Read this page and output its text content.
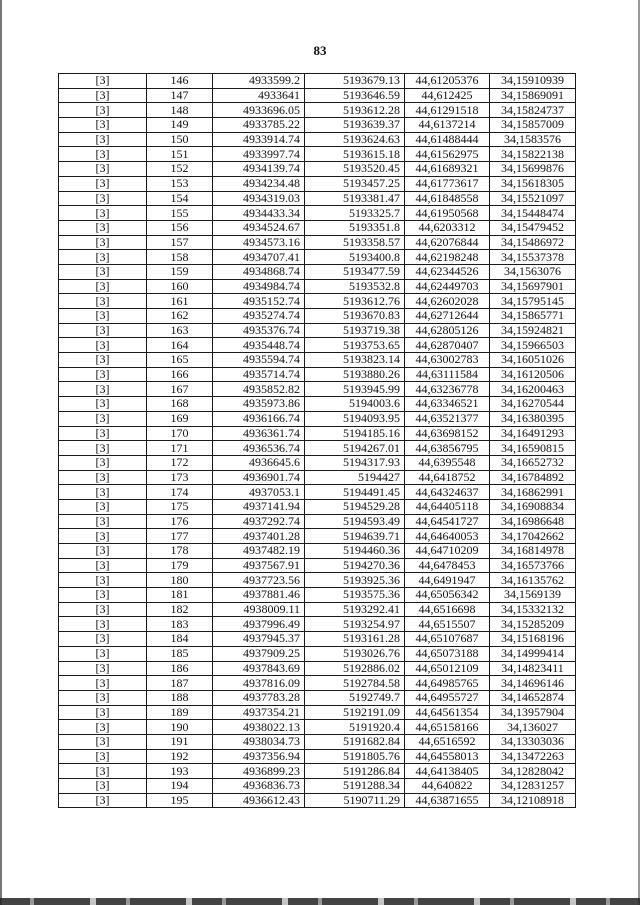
83
[3]	146	4933599.2	5193679.13	44,61205376	34,15910939
[3]	147	4933641	5193646.59	44,612425	34,15869091
[3]	148	4933696.05	5193612.28	44,61291518	34,15824737
[3]	149	4933785.22	5193639.37	44,6137214	34,15857009
[3]	150	4933914.74	5193624.63	44,61488444	34,1583576
[3]	151	4933997.74	5193615.18	44,61562975	34,15822138
[3]	152	4934139.74	5193520.45	44,61689321	34,15699876
[3]	153	4934234.48	5193457.25	44,61773617	34,15618305
[3]	154	4934319.03	5193381.47	44,61848558	34,15521097
[3]	155	4934433.34	5193325.7	44,61950568	34,15448474
[3]	156	4934524.67	5193351.8	44,6203312	34,15479452
[3]	157	4934573.16	5193358.57	44,62076844	34,15486972
[3]	158	4934707.41	5193400.8	44,62198248	34,15537378
[3]	159	4934868.74	5193477.59	44,62344526	34,1563076
[3]	160	4934984.74	5193532.8	44,62449703	34,15697901
[3]	161	4935152.74	5193612.76	44,62602028	34,15795145
[3]	162	4935274.74	5193670.83	44,62712644	34,15865771
[3]	163	4935376.74	5193719.38	44,62805126	34,15924821
[3]	164	4935448.74	5193753.65	44,62870407	34,15966503
[3]	165	4935594.74	5193823.14	44,63002783	34,16051026
[3]	166	4935714.74	5193880.26	44,63111584	34,16120506
[3]	167	4935852.82	5193945.99	44,63236778	34,16200463
[3]	168	4935973.86	5194003.6	44,63346521	34,16270544
[3]	169	4936166.74	5194093.95	44,63521377	34,16380395
[3]	170	4936361.74	5194185.16	44,63698152	34,16491293
[3]	171	4936536.74	5194267.01	44,63856795	34,16590815
[3]	172	4936645.6	5194317.93	44,6395548	34,16652732
[3]	173	4936901.74	5194427	44,6418752	34,16784892
[3]	174	4937053.1	5194491.45	44,64324637	34,16862991
[3]	175	4937141.94	5194529.28	44,64405118	34,16908834
[3]	176	4937292.74	5194593.49	44,64541727	34,16986648
[3]	177	4937401.28	5194639.71	44,64640053	34,17042662
[3]	178	4937482.19	5194460.36	44,64710209	34,16814978
[3]	179	4937567.91	5194270.36	44,6478453	34,16573766
[3]	180	4937723.56	5193925.36	44,6491947	34,16135762
[3]	181	4937881.46	5193575.36	44,65056342	34,1569139
[3]	182	4938009.11	5193292.41	44,6516698	34,15332132
[3]	183	4937996.49	5193254.97	44,6515507	34,15285209
[3]	184	4937945.37	5193161.28	44,65107687	34,15168196
[3]	185	4937909.25	5193026.76	44,65073188	34,14999414
[3]	186	4937843.69	5192886.02	44,65012109	34,14823411
[3]	187	4937816.09	5192784.58	44,64985765	34,14696146
[3]	188	4937783.28	5192749.7	44,64955727	34,14652874
[3]	189	4937354.21	5192191.09	44,64561354	34,13957904
[3]	190	4938022.13	5191920.4	44,65158166	34,136027
[3]	191	4938034.73	5191682.84	44,6516592	34,13303036
[3]	192	4937356.94	5191805.76	44,64558013	34,13472263
[3]	193	4936899.23	5191286.84	44,64138405	34,12828042
[3]	194	4936836.73	5191288.34	44,640822	34,12831257
[3]	195	4936612.43	5190711.29	44,63871655	34,12108918
